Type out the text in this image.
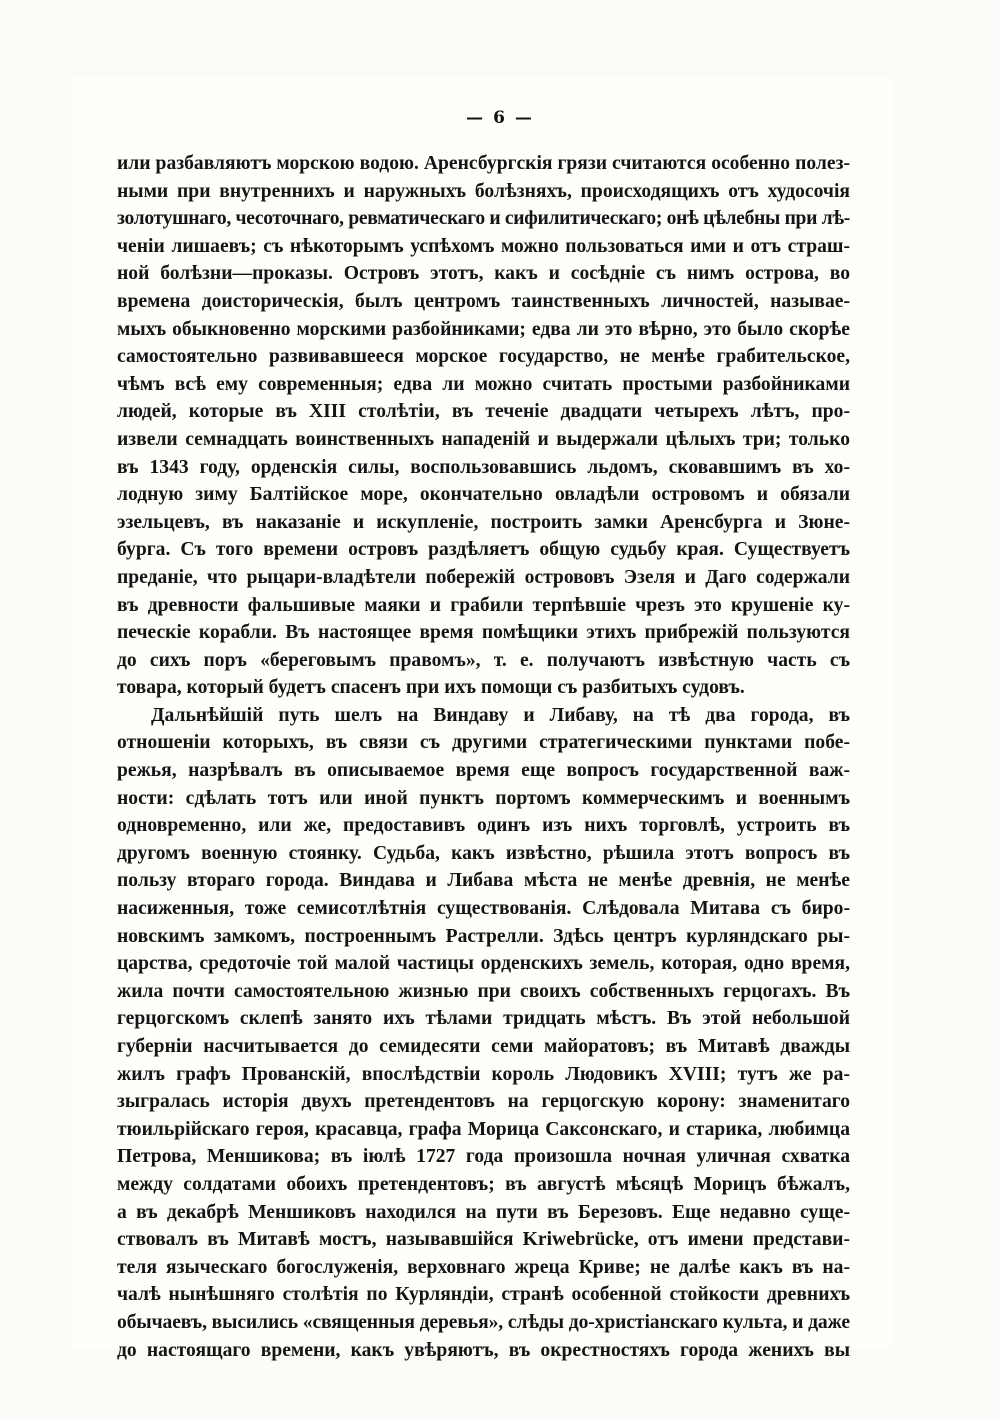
— 6 —
или разбавляютъ морскою водою. Аренсбургскія грязи считаются особенно полез-
ными при внутреннихъ и наружныхъ болѣзняхъ, происходящихъ отъ худосочія
золотушнаго, чесоточнаго, ревматическаго и сифилитическаго; онѣ цѣлебны при лѣ-
ченіи лишаевъ; съ нѣкоторымъ успѣхомъ можно пользоваться ими и отъ страш-
ной болѣзни—проказы. Островъ этотъ, какъ и сосѣдніе съ нимъ острова, во
времена доисторическія, былъ центромъ таинственныхъ личностей, называе-
мыхъ обыкновенно морскими разбойниками; едва ли это вѣрно, это было скорѣе
самостоятельно развивавшееся морское государство, не менѣе грабительское,
чѣмъ всѣ ему современныя; едва ли можно считать простыми разбойниками
людей, которые въ XIII столѣтіи, въ теченіе двадцати четырехъ лѣтъ, про-
извели семнадцать воинственныхъ нападеній и выдержали цѣлыхъ три; только
въ 1343 году, орденскія силы, воспользовавшись льдомъ, сковавшимъ въ хо-
лодную зиму Балтійское море, окончательно овладѣли островомъ и обязали
эзельцевъ, въ наказаніе и искупленіе, построить замки Аренсбурга и Зюне-
бурга. Съ того времени островъ раздѣляетъ общую судьбу края. Существуетъ
преданіе, что рыцари-владѣтели побережій острововъ Эзеля и Даго содержали
въ древности фальшивые маяки и грабили терпѣвшіе чрезъ это крушеніе ку-
печескіе корабли. Въ настоящее время помѣщики этихъ прибрежій пользуются
до сихъ поръ «береговымъ правомъ», т. е. получаютъ извѣстную часть съ
товара, который будетъ спасенъ при ихъ помощи съ разбитыхъ судовъ.
Дальнѣйшій путь шелъ на Виндаву и Либаву, на тѣ два города, въ
отношеніи которыхъ, въ связи съ другими стратегическими пунктами побе-
режья, назрѣвалъ въ описываемое время еще вопросъ государственной важ-
ности: сдѣлать тотъ или иной пунктъ портомъ коммерческимъ и военнымъ
одновременно, или же, предоставивъ одинъ изъ нихъ торговлѣ, устроить въ
другомъ военную стоянку. Судьба, какъ извѣстно, рѣшила этотъ вопросъ въ
пользу втораго города. Виндава и Либава мѣста не менѣе древнія, не менѣе
насиженныя, тоже семисотлѣтнія существованія. Слѣдовала Митава съ биро-
новскимъ замкомъ, построеннымъ Растрелли. Здѣсь центръ курляндскаго ры-
царства, средоточіе той малой частицы орденскихъ земель, которая, одно время,
жила почти самостоятельною жизнью при своихъ собственныхъ герцогахъ. Въ
герцогскомъ склепѣ занято ихъ тѣлами тридцать мѣстъ. Въ этой небольшой
губерніи насчитывается до семидесяти семи майоратовъ; въ Митавѣ дважды
жилъ графъ Прованскій, впослѣдствіи король Людовикъ XVIII; тутъ же ра-
зыгралась исторія двухъ претендентовъ на герцогскую корону: знаменитаго
тюильрійскаго героя, красавца, графа Морица Саксонскаго, и старика, любимца
Петрова, Меншикова; въ іюлѣ 1727 года произошла ночная уличная схватка
между солдатами обоихъ претендентовъ; въ августѣ мѣсяцѣ Морицъ бѣжалъ,
а въ декабрѣ Меншиковъ находился на пути въ Березовъ. Еще недавно суще-
ствовалъ въ Митавѣ мостъ, называвшійся Kriwebrücke, отъ имени представи-
теля языческаго богослуженія, верховнаго жреца Криве; не далѣе какъ въ на-
чалѣ нынѣшняго столѣтія по Курляндіи, странѣ особенной стойкости древнихъ
обычаевъ, высились «священныя деревья», слѣды до-христіанскаго культа, и даже
до настоящаго времени, какъ увѣряютъ, въ окрестностяхъ города женихъ вы
